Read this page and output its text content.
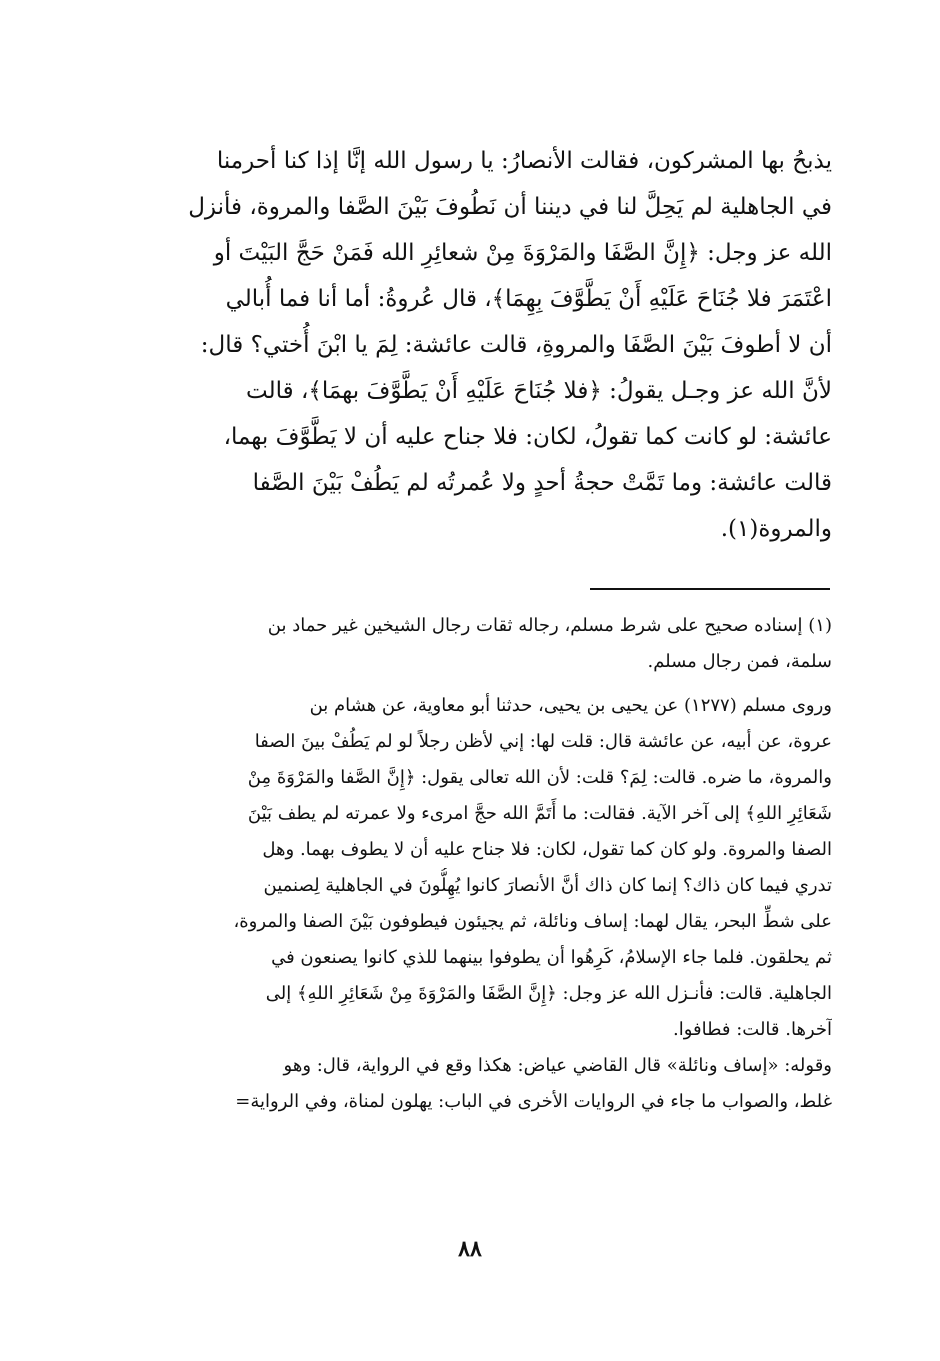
يذبحُ بها المشركون، فقالت الأنصارُ: يا رسول الله إنَّا إذا كنا أحرمنا
في الجاهلية لم يَحِلَّ لنا في ديننا أن نَطُوفَ بَيْنَ الصَّفا والمروة، فأنزل
الله عز وجل: ﴿إِنَّ الصَّفَا والمَرْوَةَ مِنْ شعائِرِ الله فَمَنْ حَجَّ البَيْتَ أو
اعْتَمَرَ فلا جُنَاحَ عَلَيْهِ أَنْ يَطَّوَّفَ بِهِمَا﴾، قال عُروةُ: أما أنا فما أُبالي
أن لا أطوفَ بَيْنَ الصَّفَا والمروةِ، قالت عائشة: لِمَ يا ابْنَ أُختي؟ قال:
لأنَّ الله عز وجـل يقولُ: ﴿فلا جُنَاحَ عَلَيْهِ أَنْ يَطَّوَّفَ بهمَا﴾، قالت
عائشة: لو كانت كما تقولُ، لكان: فلا جناح عليه أن لا يَطَّوَّفَ بهما،
قالت عائشة: وما تَمَّتْ حجةُ أحدٍ ولا عُمرتُه لم يَطُفْ بَيْنَ الصَّفا
والمروة(١).
(١) إسناده صحيح على شرط مسلم، رجاله ثقات رجال الشيخين غير حماد بن
سلمة، فمن رجال مسلم.
وروى مسلم (١٢٧٧) عن يحيى بن يحيى، حدثنا أبو معاوية، عن هشام بن
عروة، عن أبيه، عن عائشة قال: قلت لها: إني لأظن رجلاً لو لم يَطُفْ بينَ الصفا
والمروة، ما ضره. قالت: لِمَ؟ قلت: لأن الله تعالى يقول: ﴿إِنَّ الصَّفا والمَرْوَةَ مِنْ
شَعَائِرِ اللهِ﴾ إلى آخر الآية. فقالت: ما أَتَمَّ الله حجَّ امرىء ولا عمرته لم يطف بَيْنَ
الصفا والمروة. ولو كان كما تقول، لكان: فلا جناح عليه أن لا يطوف بهما. وهل
تدري فيما كان ذاك؟ إنما كان ذاك أنَّ الأنصارَ كانوا يُهِلُّونَ في الجاهلية لِصنمين
على شطِّ البحر، يقال لهما: إساف ونائلة، ثم يجيئون فيطوفون بَيْنَ الصفا والمروة،
ثم يحلقون. فلما جاء الإسلامُ، كَرِهُوا أن يطوفوا بينهما للذي كانوا يصنعون في
الجاهلية. قالت: فأنـزل الله عز وجل: ﴿إِنَّ الصَّفَا والمَرْوَةَ مِنْ شَعَائِرِ اللهِ﴾ إلى
آخرها. قالت: فطافوا.
وقوله: «إساف ونائلة» قال القاضي عياض: هكذا وقع في الرواية، قال: وهو
غلط، والصواب ما جاء في الروايات الأخرى في الباب: يهلون لمناة، وفي الرواية=
٨٨
